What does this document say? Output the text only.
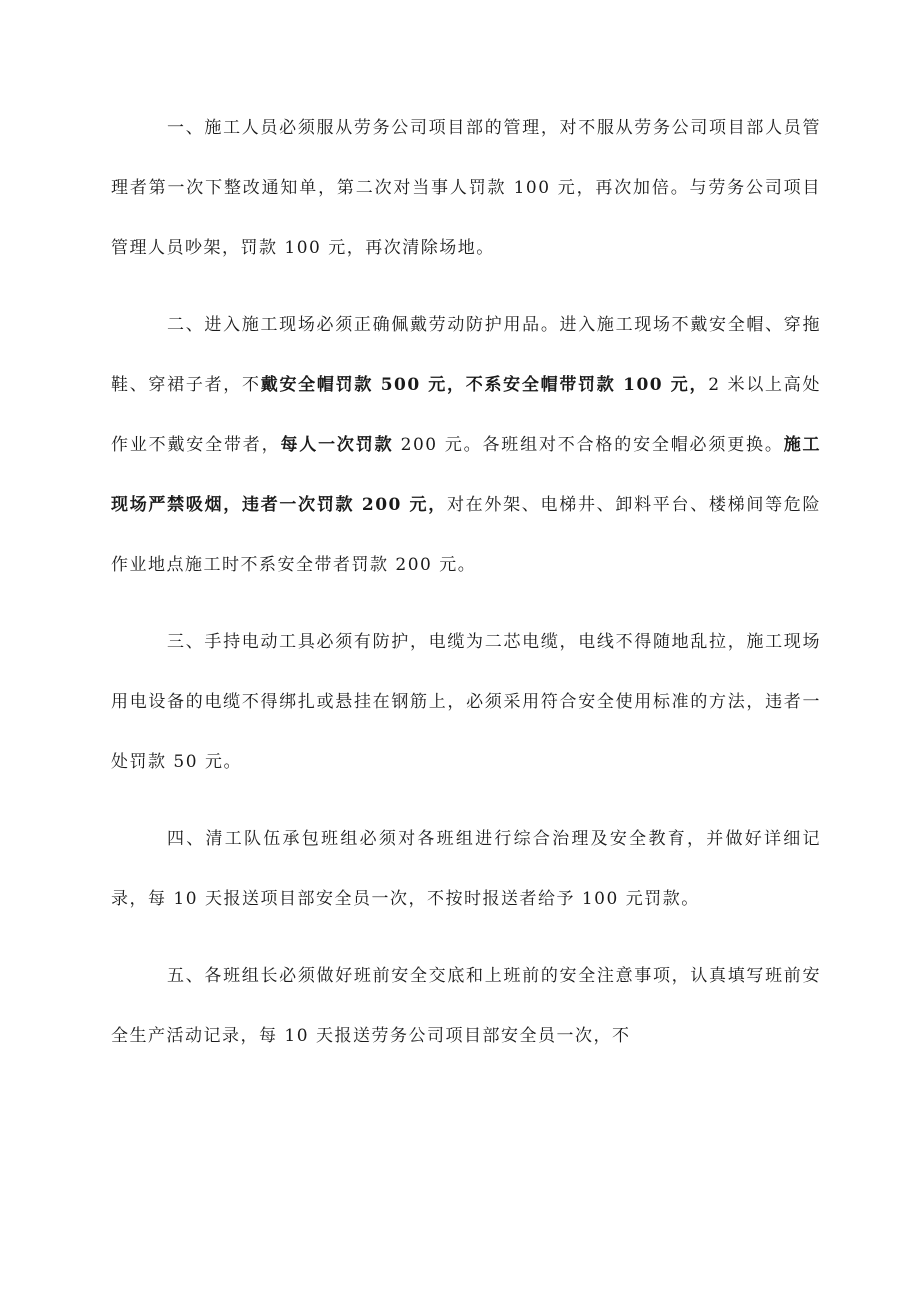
一、施工人员必须服从劳务公司项目部的管理，对不服从劳务公司项目部人员管理者第一次下整改通知单，第二次对当事人罚款 100 元，再次加倍。与劳务公司项目管理人员吵架，罚款 100 元，再次清除场地。

二、进入施工现场必须正确佩戴劳动防护用品。进入施工现场不戴安全帽、穿拖鞋、穿裙子者，不戴安全帽罚款 500 元，不系安全帽带罚款 100 元，2 米以上高处作业不戴安全带者，每人一次罚款 200 元。各班组对不合格的安全帽必须更换。施工现场严禁吸烟，违者一次罚款 200 元，对在外架、电梯井、卸料平台、楼梯间等危险作业地点施工时不系安全带者罚款 200 元。

三、手持电动工具必须有防护，电缆为二芯电缆，电线不得随地乱拉，施工现场用电设备的电缆不得绑扎或悬挂在钢筋上，必须采用符合安全使用标准的方法，违者一处罚款 50 元。

四、清工队伍承包班组必须对各班组进行综合治理及安全教育，并做好详细记录，每 10 天报送项目部安全员一次，不按时报送者给予 100 元罚款。

五、各班组长必须做好班前安全交底和上班前的安全注意事项，认真填写班前安全生产活动记录，每 10 天报送劳务公司项目部安全员一次，不
